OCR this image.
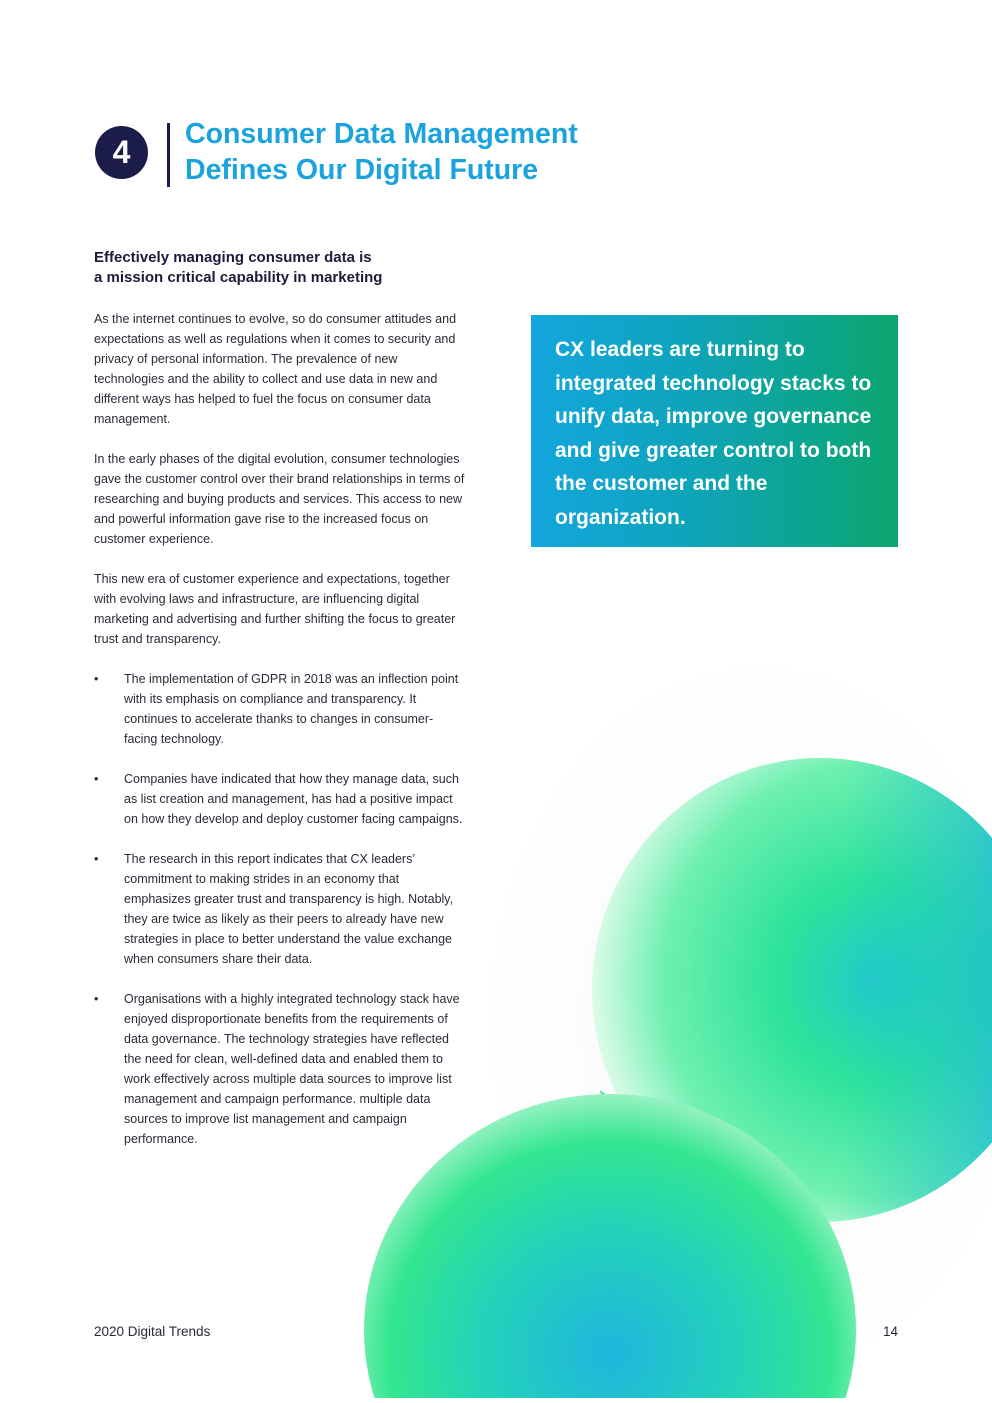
4	Consumer Data Management
Defines Our Digital Future
Effectively managing consumer data is
a mission critical capability in marketing

As the internet continues to evolve, so do consumer attitudes and expectations as well as regulations when it comes to security and privacy of personal information. The prevalence of new technologies and the ability to collect and use data in new and different ways has helped to fuel the focus on consumer data management.

In the early phases of the digital evolution, consumer technologies gave the customer control over their brand relationships in terms of researching and buying products and services. This access to new and powerful information gave rise to the increased focus on customer experience.

This new era of customer experience and expectations, together with evolving laws and infrastructure, are influencing digital marketing and advertising and further shifting the focus to greater trust and transparency.

• The implementation of GDPR in 2018 was an inflection point with its emphasis on compliance and transparency. It continues to accelerate thanks to changes in consumer-facing technology.
• Companies have indicated that how they manage data, such as list creation and management, has had a positive impact on how they develop and deploy customer facing campaigns.
• The research in this report indicates that CX leaders’ commitment to making strides in an economy that emphasizes greater trust and transparency is high. Notably, they are twice as likely as their peers to already have new strategies in place to better understand the value exchange when consumers share their data.
• Organisations with a highly integrated technology stack have enjoyed disproportionate benefits from the requirements of data governance. The technology strategies have reflected the need for clean, well-defined data and enabled them to work effectively across multiple data sources to improve list management and campaign performance. multiple data sources to improve list management and campaign performance.

CX leaders are turning to integrated technology stacks to unify data, improve governance and give greater control to both the customer and the organization.

2020 Digital Trends	14
